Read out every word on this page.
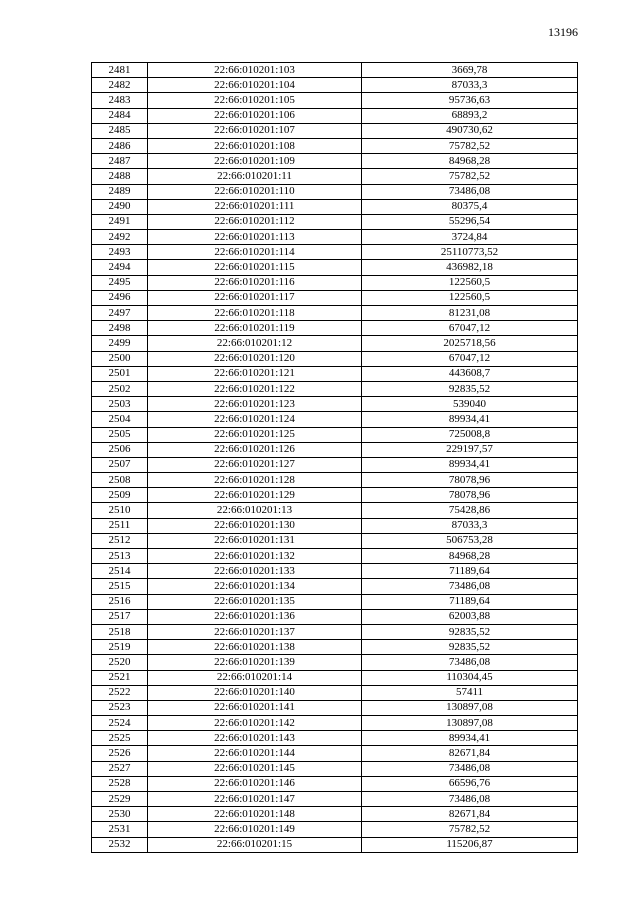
13196
2481	22:66:010201:103	3669,78
2482	22:66:010201:104	87033,3
2483	22:66:010201:105	95736,63
2484	22:66:010201:106	68893,2
2485	22:66:010201:107	490730,62
2486	22:66:010201:108	75782,52
2487	22:66:010201:109	84968,28
2488	22:66:010201:11	75782,52
2489	22:66:010201:110	73486,08
2490	22:66:010201:111	80375,4
2491	22:66:010201:112	55296,54
2492	22:66:010201:113	3724,84
2493	22:66:010201:114	25110773,52
2494	22:66:010201:115	436982,18
2495	22:66:010201:116	122560,5
2496	22:66:010201:117	122560,5
2497	22:66:010201:118	81231,08
2498	22:66:010201:119	67047,12
2499	22:66:010201:12	2025718,56
2500	22:66:010201:120	67047,12
2501	22:66:010201:121	443608,7
2502	22:66:010201:122	92835,52
2503	22:66:010201:123	539040
2504	22:66:010201:124	89934,41
2505	22:66:010201:125	725008,8
2506	22:66:010201:126	229197,57
2507	22:66:010201:127	89934,41
2508	22:66:010201:128	78078,96
2509	22:66:010201:129	78078,96
2510	22:66:010201:13	75428,86
2511	22:66:010201:130	87033,3
2512	22:66:010201:131	506753,28
2513	22:66:010201:132	84968,28
2514	22:66:010201:133	71189,64
2515	22:66:010201:134	73486,08
2516	22:66:010201:135	71189,64
2517	22:66:010201:136	62003,88
2518	22:66:010201:137	92835,52
2519	22:66:010201:138	92835,52
2520	22:66:010201:139	73486,08
2521	22:66:010201:14	110304,45
2522	22:66:010201:140	57411
2523	22:66:010201:141	130897,08
2524	22:66:010201:142	130897,08
2525	22:66:010201:143	89934,41
2526	22:66:010201:144	82671,84
2527	22:66:010201:145	73486,08
2528	22:66:010201:146	66596,76
2529	22:66:010201:147	73486,08
2530	22:66:010201:148	82671,84
2531	22:66:010201:149	75782,52
2532	22:66:010201:15	115206,87
